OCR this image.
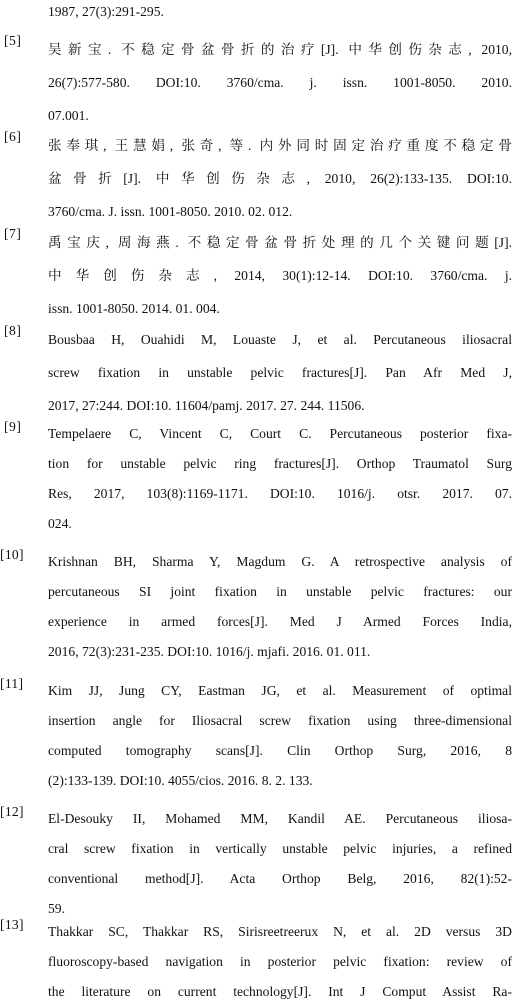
1987, 27(3):291-295.
[5]
吴新宝. 不稳定骨盆骨折的治疗[J]. 中华创伤杂志, 2010,
26(7):577-580. DOI:10. 3760/cma. j. issn. 1001-8050. 2010.
07.001.
[6]
张奉琪, 王慧娟, 张奇, 等. 内外同时固定治疗重度不稳定骨
盆骨折[J]. 中华创伤杂志, 2010, 26(2):133-135. DOI:10.
3760/cma. J. issn. 1001-8050. 2010. 02. 012.
[7]
禹宝庆, 周海燕. 不稳定骨盆骨折处理的几个关键问题[J].
中华创伤杂志, 2014, 30(1):12-14. DOI:10. 3760/cma. j.
issn. 1001-8050. 2014. 01. 004.
[8]
Bousbaa H, Ouahidi M, Louaste J, et al. Percutaneous iliosacral
screw fixation in unstable pelvic fractures[J]. Pan Afr Med J,
2017, 27:244. DOI:10. 11604/pamj. 2017. 27. 244. 11506.
[9]	Tempelaere C, Vincent C, Court C. Percutaneous posterior fixa-
tion for unstable pelvic ring fractures[J]. Orthop Traumatol Surg
Res, 2017, 103(8):1169-1171. DOI:10. 1016/j. otsr. 2017. 07.
024.
[10]	Krishnan BH, Sharma Y, Magdum G. A retrospective analysis of
percutaneous SI joint fixation in unstable pelvic fractures: our
experience in armed forces[J]. Med J Armed Forces India,
2016, 72(3):231-235. DOI:10. 1016/j. mjafi. 2016. 01. 011.
[11]	Kim JJ, Jung CY, Eastman JG, et al. Measurement of optimal
insertion angle for Iliosacral screw fixation using three-dimensional
computed tomography scans[J]. Clin Orthop Surg, 2016, 8
(2):133-139. DOI:10. 4055/cios. 2016. 8. 2. 133.
[12]	El-Desouky II, Mohamed MM, Kandil AE. Percutaneous iliosa-
cral screw fixation in vertically unstable pelvic injuries, a refined
conventional method[J]. Acta Orthop Belg, 2016, 82(1):52-
59.
[13]	Thakkar SC, Thakkar RS, Sirisreetreerux N, et al. 2D versus 3D
fluoroscopy-based navigation in posterior pelvic fixation: review of
the literature on current technology[J]. Int J Comput Assist Ra-
